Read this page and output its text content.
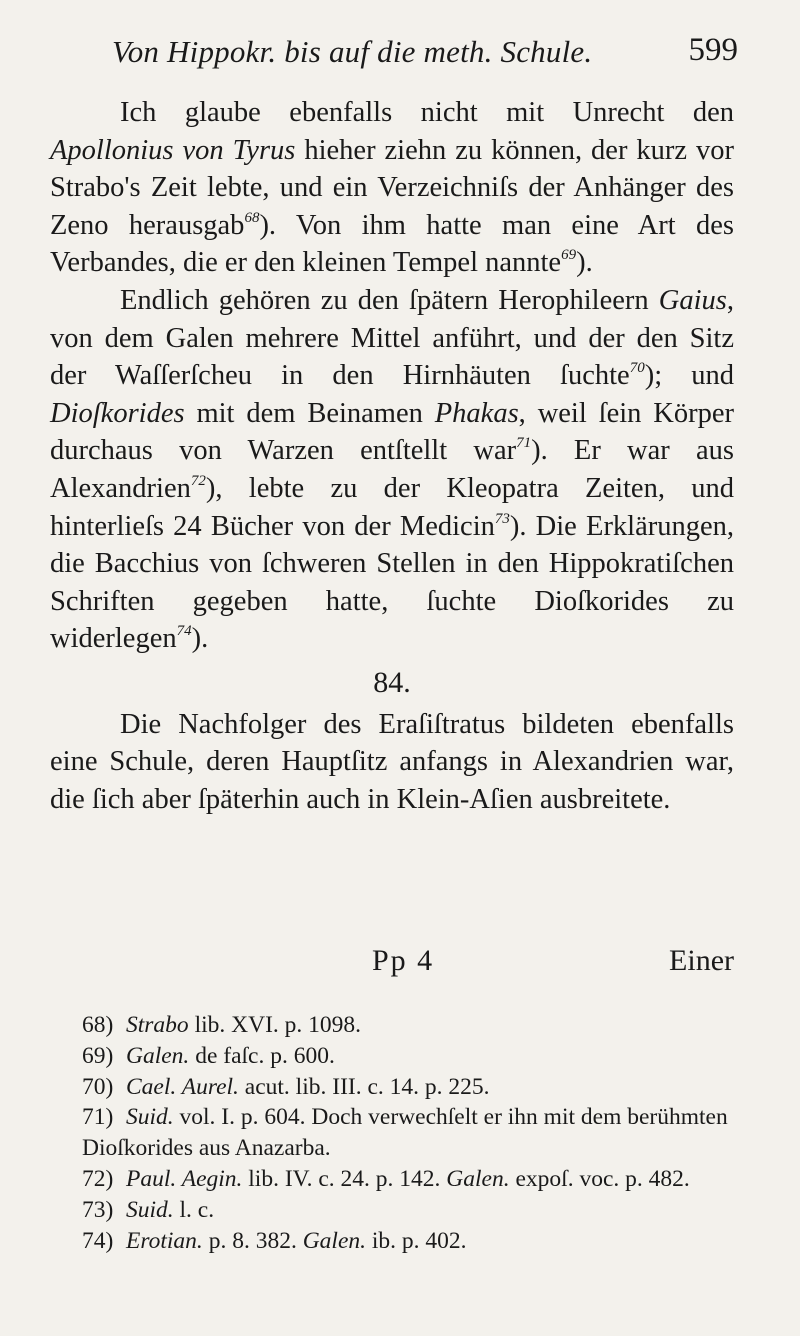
Von Hippokr. bis auf die meth. Schule.	599

Ich glaube ebenfalls nicht mit Unrecht den Apollonius von Tyrus hieher ziehn zu können, der kurz vor Strabo's Zeit lebte, und ein Verzeichniſs der Anhänger des Zeno herausgab$^{68}$). Von ihm hatte man eine Art des Verbandes, die er den kleinen Tempel nannte$^{69}$).

Endlich gehören zu den ſpätern Herophileern Gaius, von dem Galen mehrere Mittel anführt, und der den Sitz der Waſſerſcheu in den Hirnhäuten ſuchte$^{70}$); und Dioſkorides mit dem Beinamen Phakas, weil ſein Körper durchaus von Warzen entſtellt war$^{71}$). Er war aus Alexandrien$^{72}$), lebte zu der Kleopatra Zeiten, und hinterlieſs 24 Bücher von der Medicin$^{73}$). Die Erklärungen, die Bacchius von ſchweren Stellen in den Hippokratiſchen Schriften gegeben hatte, ſuchte Dioſkorides zu widerlegen$^{74}$).

84.

Die Nachfolger des Eraſiſtratus bildeten ebenfalls eine Schule, deren Hauptſitz anfangs in Alexandrien war, die ſich aber ſpäterhin auch in Klein-Aſien ausbreitete.

Pp 4	Einer
68) Strabo lib. XVI. p. 1098.
69) Galen. de faſc. p. 600.
70) Cael. Aurel. acut. lib. III. c. 14. p. 225.
71) Suid. vol. I. p. 604. Doch verwechſelt er ihn mit dem berühmten Dioſkorides aus Anazarba.
72) Paul. Aegin. lib. IV. c. 24. p. 142. Galen. expoſ. voc. p. 482.
73) Suid. l. c.
74) Erotian. p. 8. 382. Galen. ib. p. 402.
